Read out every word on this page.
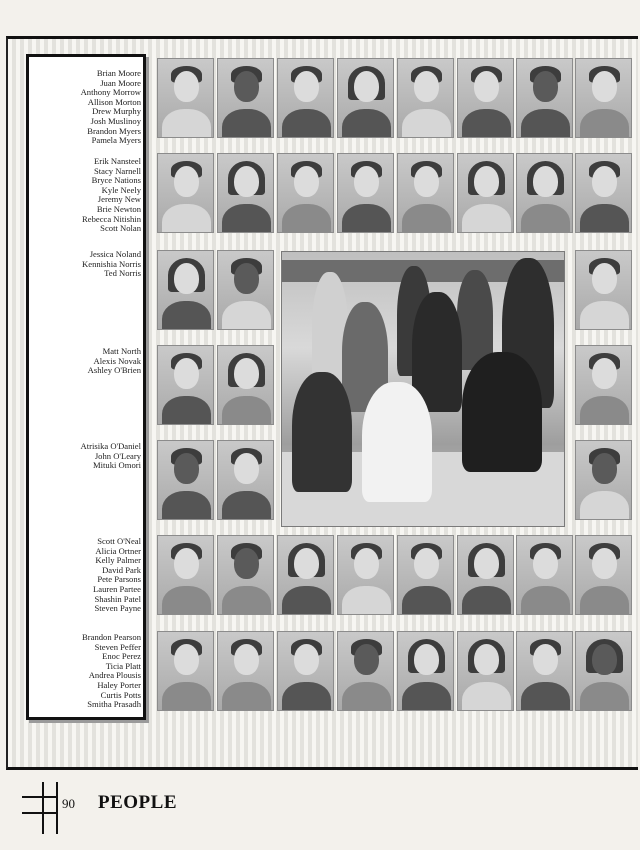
Brian Moore
Juan Moore
Anthony Morrow
Allison Morton
Drew Murphy
Josh Muslinoy
Brandon Myers
Pamela Myers
Erik Nansteel
Stacy Narnell
Bryce Nations
Kyle Neely
Jeremy New
Brie Newton
Rebecca Nitishin
Scott Nolan
Jessica Noland
Kennishia Norris
Ted Norris
Matt North
Alexis Novak
Ashley O'Brien
Atrisika O'Daniel
John O'Leary
Mituki Omori
Scott O'Neal
Alicia Ortner
Kelly Palmer
David Park
Pete Parsons
Lauren Partee
Shashin Patel
Steven Payne
Brandon Pearson
Steven Peffer
Enoc Perez
Ticia Platt
Andrea Plousis
Haley Porter
Curtis Potts
Smitha Prasadh
90 PEOPLE
